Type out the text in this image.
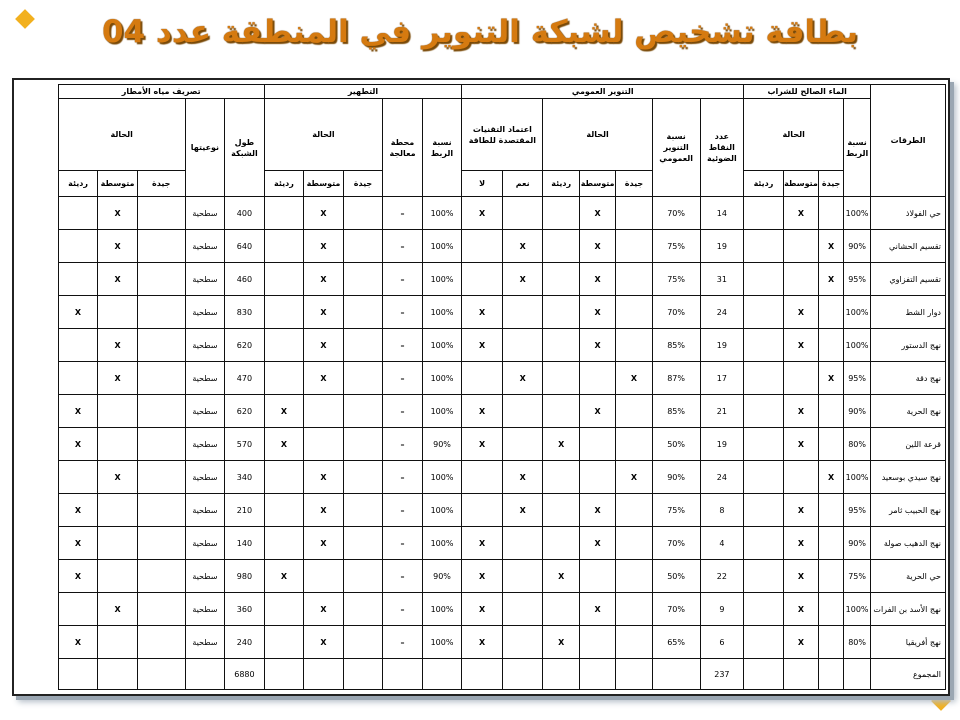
بطاقة تشخيص لشبكة التنوير في المنطقة عدد 04
الطرقات	الماء الصالح للشراب				التنوير العمومي							التطهير					تصريف مياه الأمطار				
	نسبة الربط	الحالة			عدد النقاط الضوئية	نسبة التنوير العمومي	الحالة			اعتماد التقنيات المقتصدة للطاقة		نسبة الربط	محطة معالجة	الحالة			طول الشبكة	نوعيتها	الحالة		
		جيدة	متوسطة	رديئة			جيدة	متوسطة	رديئة	نعم	لا			جيدة	متوسطة	رديئة			جيدة	متوسطة	رديئة

حي الفولاذ	100%		X		14	70%		X			X	100%	–		X		400	سطحية		X	
تقسيم الحشاني	90%	X			19	75%		X		X		100%	–		X		640	سطحية		X	
تقسيم التفزاوي	95%	X			31	75%		X		X		100%	–		X		460	سطحية		X	
دوار الشط	100%		X		24	70%		X			X	100%	–		X		830	سطحية			X
نهج الدستور	100%		X		19	85%		X			X	100%	–		X		620	سطحية		X	
نهج دقة	95%	X			17	87%	X			X		100%	–		X		470	سطحية		X	
نهج الحرية	90%		X		21	85%		X			X	100%	–			X	620	سطحية			X
قرعة اللين	80%		X		19	50%			X		X	90%	–			X	570	سطحية			X
نهج سيدي بوسعيد	100%	X			24	90%	X			X		100%	–		X		340	سطحية		X	
نهج الحبيب ثامر	95%		X		8	75%		X		X		100%	–		X		210	سطحية			X
نهج الدهيب صولة	90%		X		4	70%		X			X	100%	–		X		140	سطحية			X
حي الحرية	75%		X		22	50%			X		X	90%	–			X	980	سطحية			X
نهج الأسد بن الفرات	100%		X		9	70%		X			X	100%	–		X		360	سطحية		X	
نهج أفريقيا	80%		X		6	65%			X		X	100%	–		X		240	سطحية			X
المجموع					237												6880				
